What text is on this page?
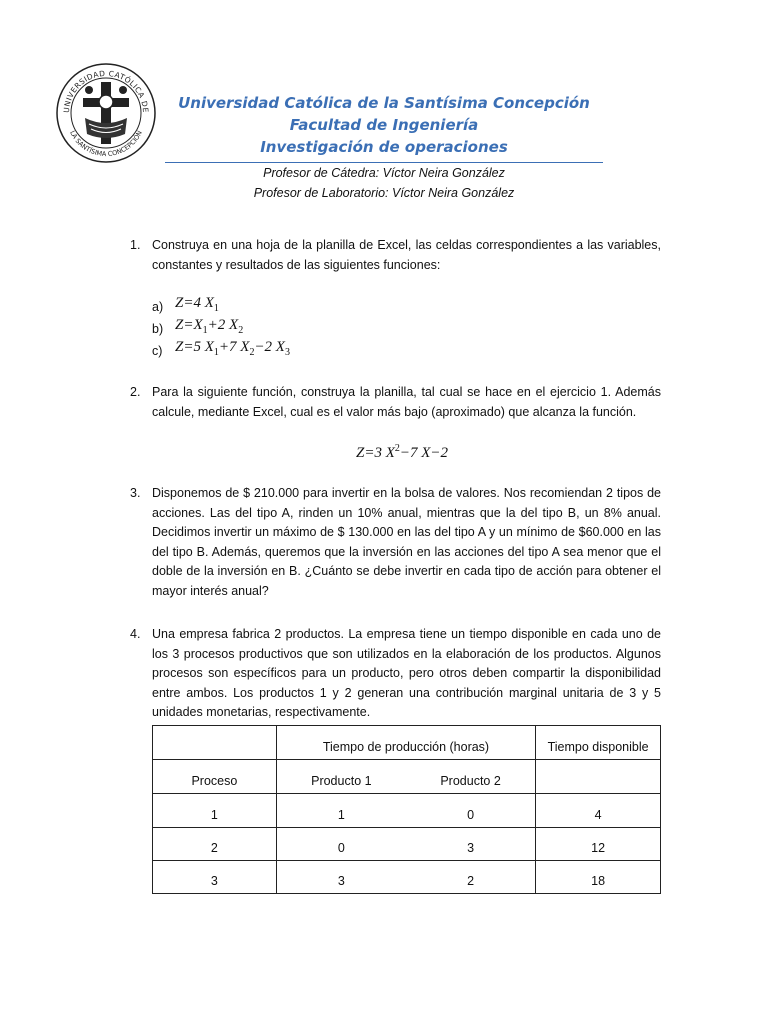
UNIVERSIDAD CATÓLICA DE
LA SANTÍSIMA CONCEPCIÓN
Universidad Católica de la Santísima Concepción
Facultad de Ingeniería
Investigación de operaciones
Profesor de Cátedra: Víctor Neira González
Profesor de Laboratorio: Víctor Neira González
1. Construya en una hoja de la planilla de Excel, las celdas correspondientes a las variables, constantes y resultados de las siguientes funciones:
a) Z=4 $X_1$
b) $Z=X_1+2$ $X_2$
c) Z=5 $X_1+7$ $X_2-2$ $X_3$
2. Para la siguiente función, construya la planilla, tal cual se hace en el ejercicio 1. Además calcule, mediante Excel, cual es el valor más bajo (aproximado) que alcanza la función.
Z=3 $X^2-7$ X−2
3. Disponemos de $ 210.000 para invertir en la bolsa de valores. Nos recomiendan 2 tipos de acciones. Las del tipo A, rinden un 10% anual, mientras que la del tipo B, un 8% anual. Decidimos invertir un máximo de $ 130.000 en las del tipo A y un mínimo de $60.000 en las del tipo B. Además, queremos que la inversión en las acciones del tipo A sea menor que el doble de la inversión en B. ¿Cuánto se debe invertir en cada tipo de acción para obtener el mayor interés anual?
4. Una empresa fabrica 2 productos. La empresa tiene un tiempo disponible en cada uno de los 3 procesos productivos que son utilizados en la elaboración de los productos. Algunos procesos son específicos para un producto, pero otros deben compartir la disponibilidad entre ambos. Los productos 1 y 2 generan una contribución marginal unitaria de 3 y 5 unidades monetarias, respectivamente.
	Tiempo de producción (horas)		Tiempo disponible
Proceso	Producto 1	Producto 2	
1	1	0	4
2	0	3	12
3	3	2	18
